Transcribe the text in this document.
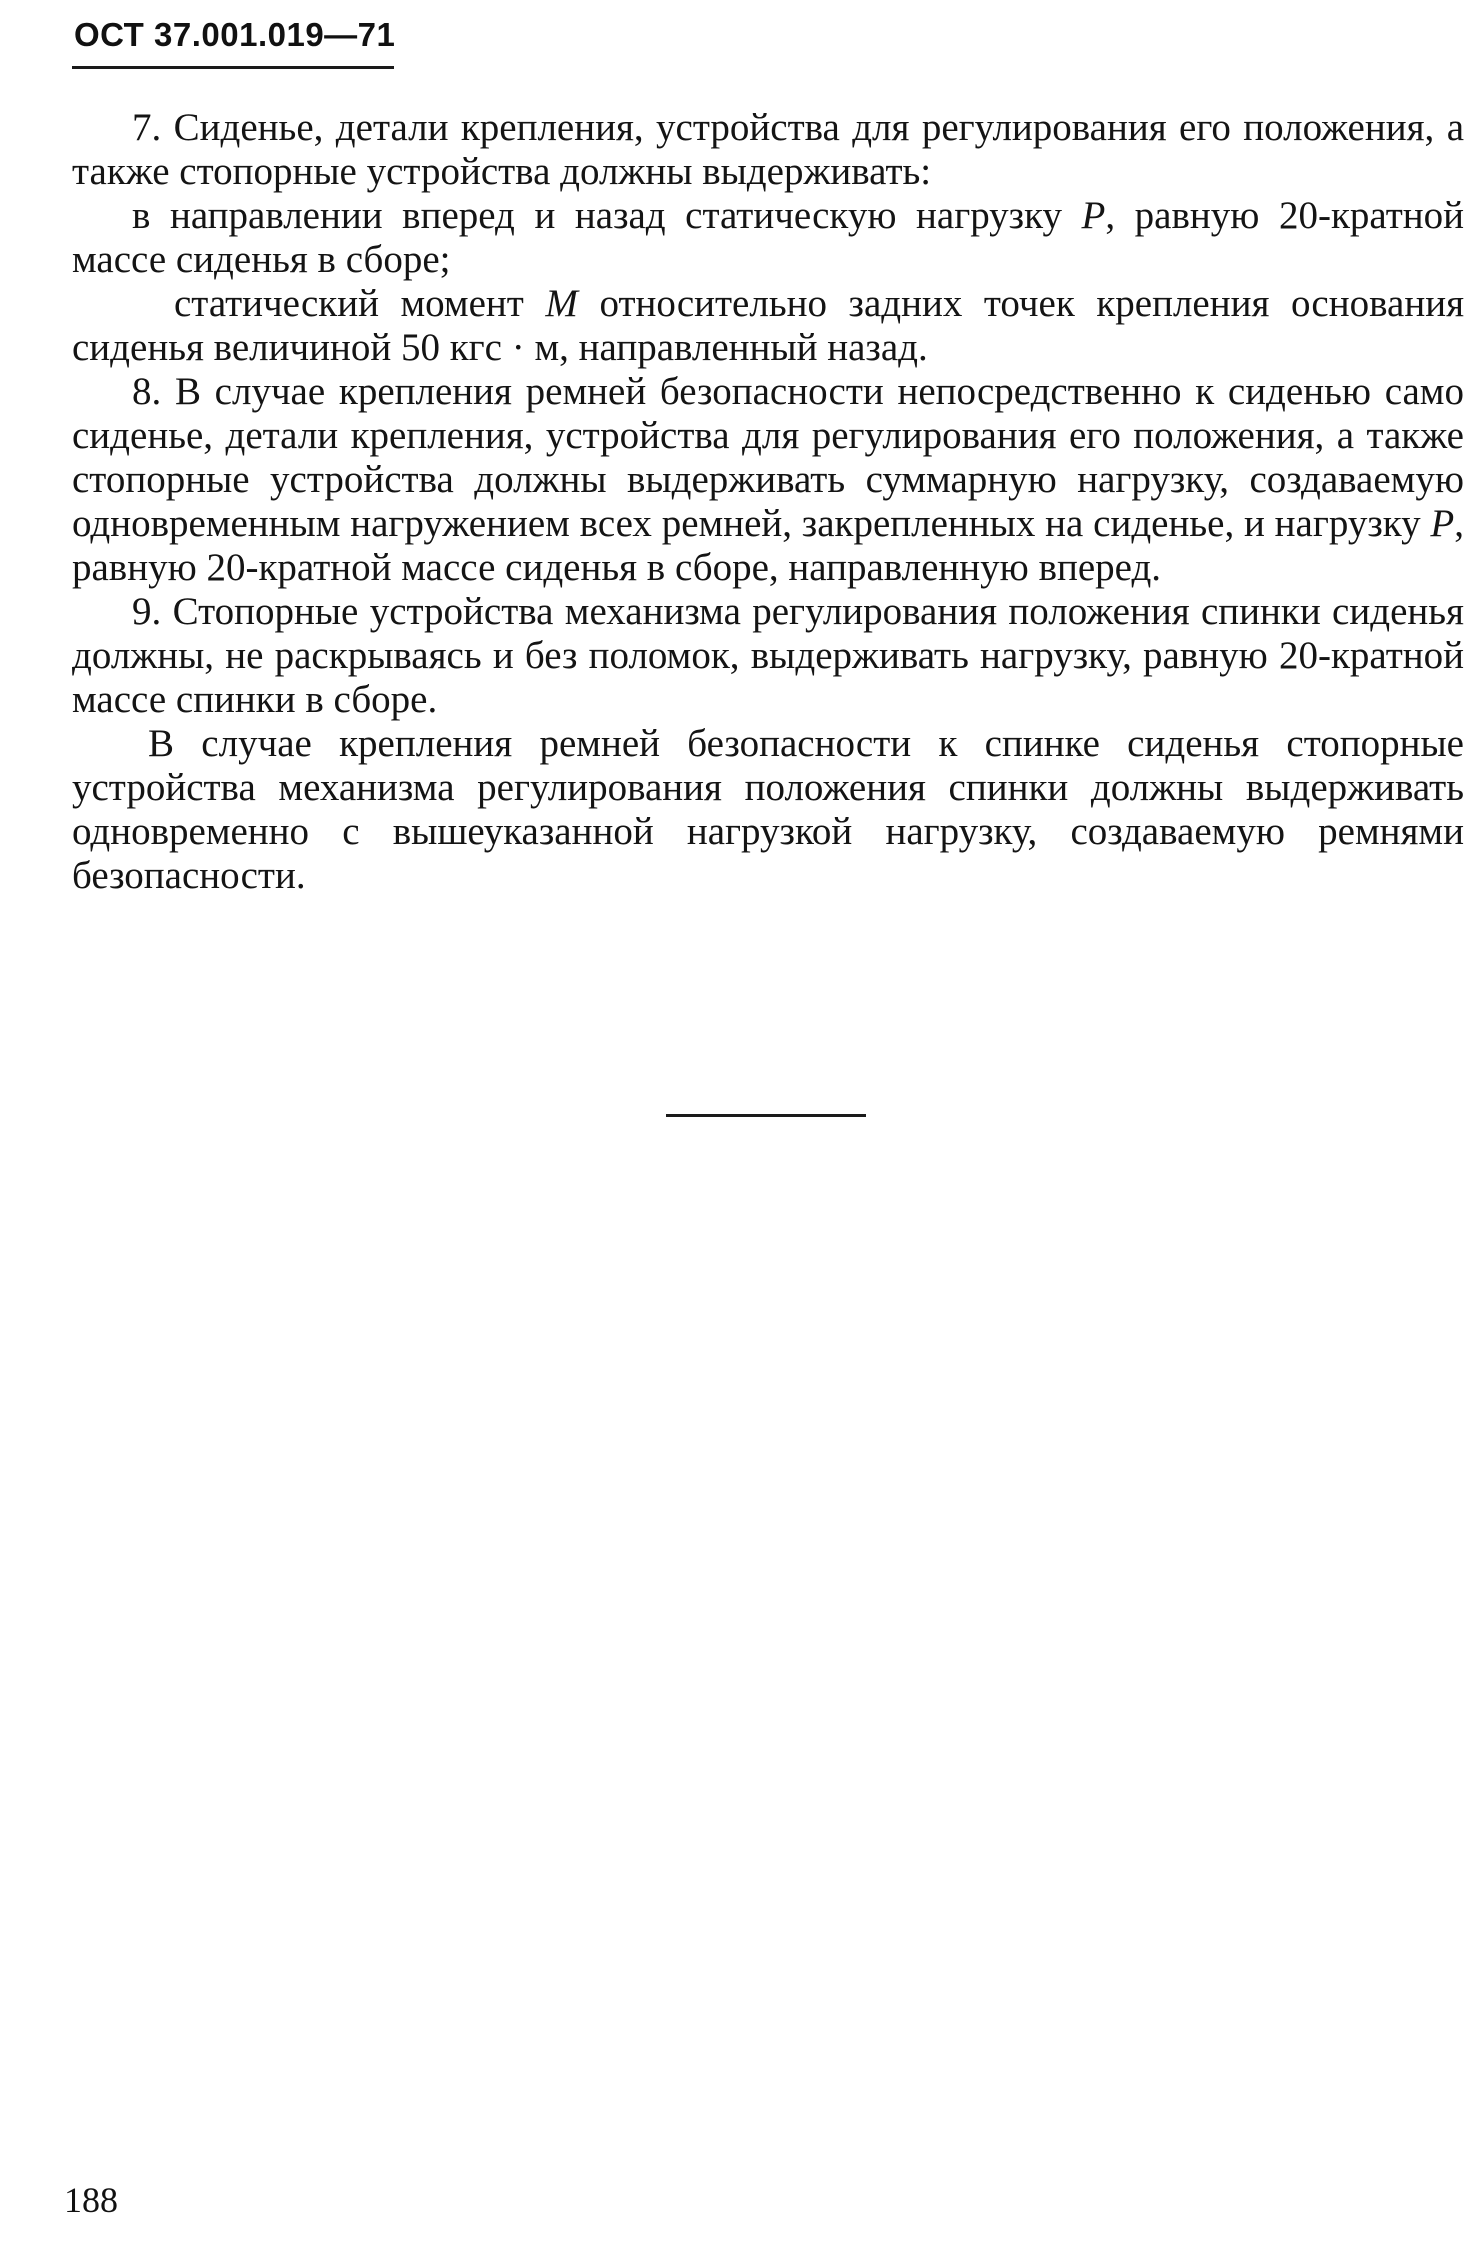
ОСТ 37.001.019—71

7. Сиденье, детали крепления, устройства для регулирования его положения, а также стопорные устройства должны выдерживать:

в направлении вперед и назад статическую нагрузку P, равную 20-кратной массе сиденья в сборе;

статический момент M относительно задних точек крепления основания сиденья величиной 50 кгс · м, направленный назад.

8. В случае крепления ремней безопасности непосредственно к сиденью само сиденье, детали крепления, устройства для регулирования его положения, а также стопорные устройства должны выдерживать суммарную нагрузку, создаваемую одновременным нагружением всех ремней, закрепленных на сиденье, и нагрузку P, равную 20-кратной массе сиденья в сборе, направленную вперед.

9. Стопорные устройства механизма регулирования положения спинки сиденья должны, не раскрываясь и без поломок, выдерживать нагрузку, равную 20-кратной массе спинки в сборе.

В случае крепления ремней безопасности к спинке сиденья стопорные устройства механизма регулирования положения спинки должны выдерживать одновременно с вышеуказанной нагрузкой нагрузку, создаваемую ремнями безопасности.

188
